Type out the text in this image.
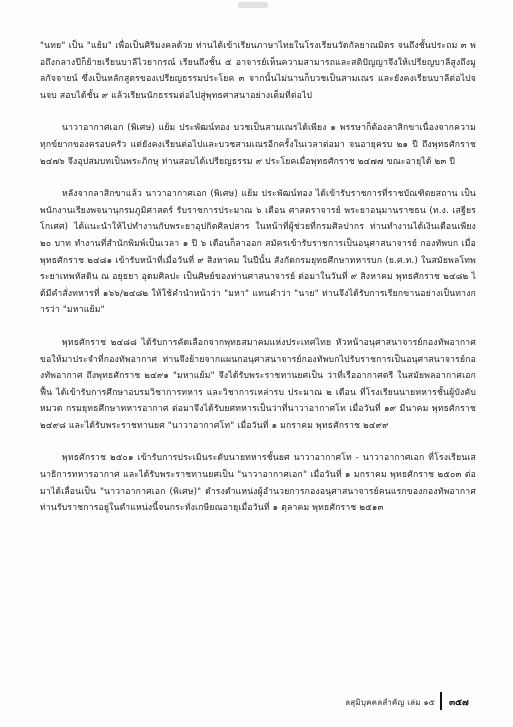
"นทย" เป็น "แย้ม" เพื่อเป็นศิริมงคลด้วย ท่านได้เข้าเรียนภาษาไทยในโรงเรียนวัดกัลยาณมิตร จนถึงชั้นประถม ๓ พอถึงกลางปีก็ย้ายเรียนบาลีไวยากรณ์ เรียนถึงชั้น ๕ อาจารย์เห็นความสามารถและสติปัญญาจึงให้เปรียญบาลีสูงถึงมูลกัจจายน์ ซึ่งเป็นหลักสูตรของเปรียญธรรมประโยค ๓ จากนั้นไม่นานก็บวชเป็นสามเณร และยังคงเรียนบาลีต่อไปจนจบ สอบได้ชั้น ๙ แล้วเรียนนักธรรมต่อไปสู่พุทธศาสนาอย่างเต็มที่ต่อไป

นาวาอากาศเอก (พิเศษ) แย้ม ประพัฒน์ทอง บวชเป็นสามเณรได้เพียง ๑ พรรษาก็ต้องลาสิกขาเนื่องจากความทุกข์ยากของครอบครัว แต่ยังคงเรียนต่อไปและบวชสามเณรอีกครั้งในเวลาต่อมา จนอายุครบ ๒๑ ปี ถึงพุทธศักราช ๒๔๗๖ จึงอุปสมบทเป็นพระภิกษุ ท่านสอบได้เปรียญธรรม ๙ ประโยคเมื่อพุทธศักราช ๒๔๗๗ ขณะอายุได้ ๒๓ ปี

หลังจากลาสิกขาแล้ว นาวาอากาศเอก (พิเศษ) แย้ม ประพัฒน์ทอง ได้เข้ารับราชการที่ราชบัณฑิตยสถาน เป็นพนักงานเรียงพจนานุกรมภูมิศาสตร์ รับราชการประมาณ ๖ เดือน ศาสตราจารย์ พระยาอนุมานราชธน (ท.ง. เสฐียรโกเศศ) ได้แนะนำให้ไปทำงานกับพระยาอุปกิตศิลปสาร ในหน้าที่ผู้ช่วยที่กรมศิลปากร ท่านทำงานได้เงินเดือนเพียง ๒๐ บาท ทำงานที่สำนักพิมพ์เป็นเวลา ๑ ปี ๖ เดือนก็ลาออก สมัครเข้ารับราชการเป็นอนุศาสนาจารย์ กองทัพบก เมื่อพุทธศักราช ๒๔๘๑ เข้ารับหน้าที่เมื่อวันที่ ๙ สิงหาคม ในปีนั้น สังกัดกรมยุทธศึกษาทหารบก (ย.ศ.ท.) ในสมัยพลโทพระยาเทพหัสดิน ณ อยุธยา อุดมศิลปะ เป็นศิษย์ของท่านศาสนาจารย์ ต่อมาในวันที่ ๙ สิงหาคม พุทธศักราช ๒๔๘๒ ได้มีคำสั่งทหารที่ ๑๖๖/๒๔๘๒ ให้ใช้คำนำหน้าว่า "มหา" แทนคำว่า "นาย" ท่านจึงได้รับการเรียกขานอย่างเป็นทางการว่า "มหาแย้ม"

พุทธศักราช ๒๔๘๘ ได้รับการคัดเลือกจากพุทธสมาคมแห่งประเทศไทย หัวหน้าอนุศาสนาจารย์กองทัพอากาศ ขอให้มาประจำที่กองทัพอากาศ ท่านจึงย้ายจากแผนกอนุศาสนาจารย์กองทัพบกไปรับราชการเป็นอนุศาสนาจารย์กองทัพอากาศ ถึงพุทธศักราช ๒๔๙๑ "มหาแย้ม" จึงได้รับพระราชทานยศเป็น ว่าที่เรืออากาศตรี ในสมัยพลอากาศเอกฟื้น ได้เข้ารับการศึกษาอบรมวิชาการทหาร และวิชาการเหล่ารบ ประมาณ ๒ เดือน ที่โรงเรียนนายทหารชั้นผู้บังคับหมวด กรมยุทธศึกษาทหารอากาศ ต่อมาจึงได้รับยศทหารเป็นว่าที่นาวาอากาศโท เมื่อวันที่ ๑๙ มีนาคม พุทธศักราช ๒๔๙๘ และได้รับพระราชทานยศ "นาวาอากาศโท" เมื่อวันที่ ๑ มกราคม พุทธศักราช ๒๔๙๙

พุทธศักราช ๒๕๐๑ เข้ารับการประเมินระดับนายทหารชั้นยศ นาวาอากาศโท - นาวาอากาศเอก ที่โรงเรียนเสนาธิการทหารอากาศ และได้รับพระราชทานยศเป็น "นาวาอากาศเอก" เมื่อวันที่ ๑ มกราคม พุทธศักราช ๒๕๐๓ ต่อมาได้เลื่อนเป็น "นาวาอากาศเอก (พิเศษ)" ดำรงตำแหน่งผู้อำนวยการกองอนุศาสนาจารย์คนแรกของกองทัพอากาศ ท่านรับราชการอยู่ในตำแหน่งนี้จนกระทั่งเกษียณอายุเมื่อวันที่ ๑ ตุลาคม พุทธศักราช ๒๕๑๓

ลสุมิบุคคลสำคัญ เล่ม ๑๕ ๓๕๗
